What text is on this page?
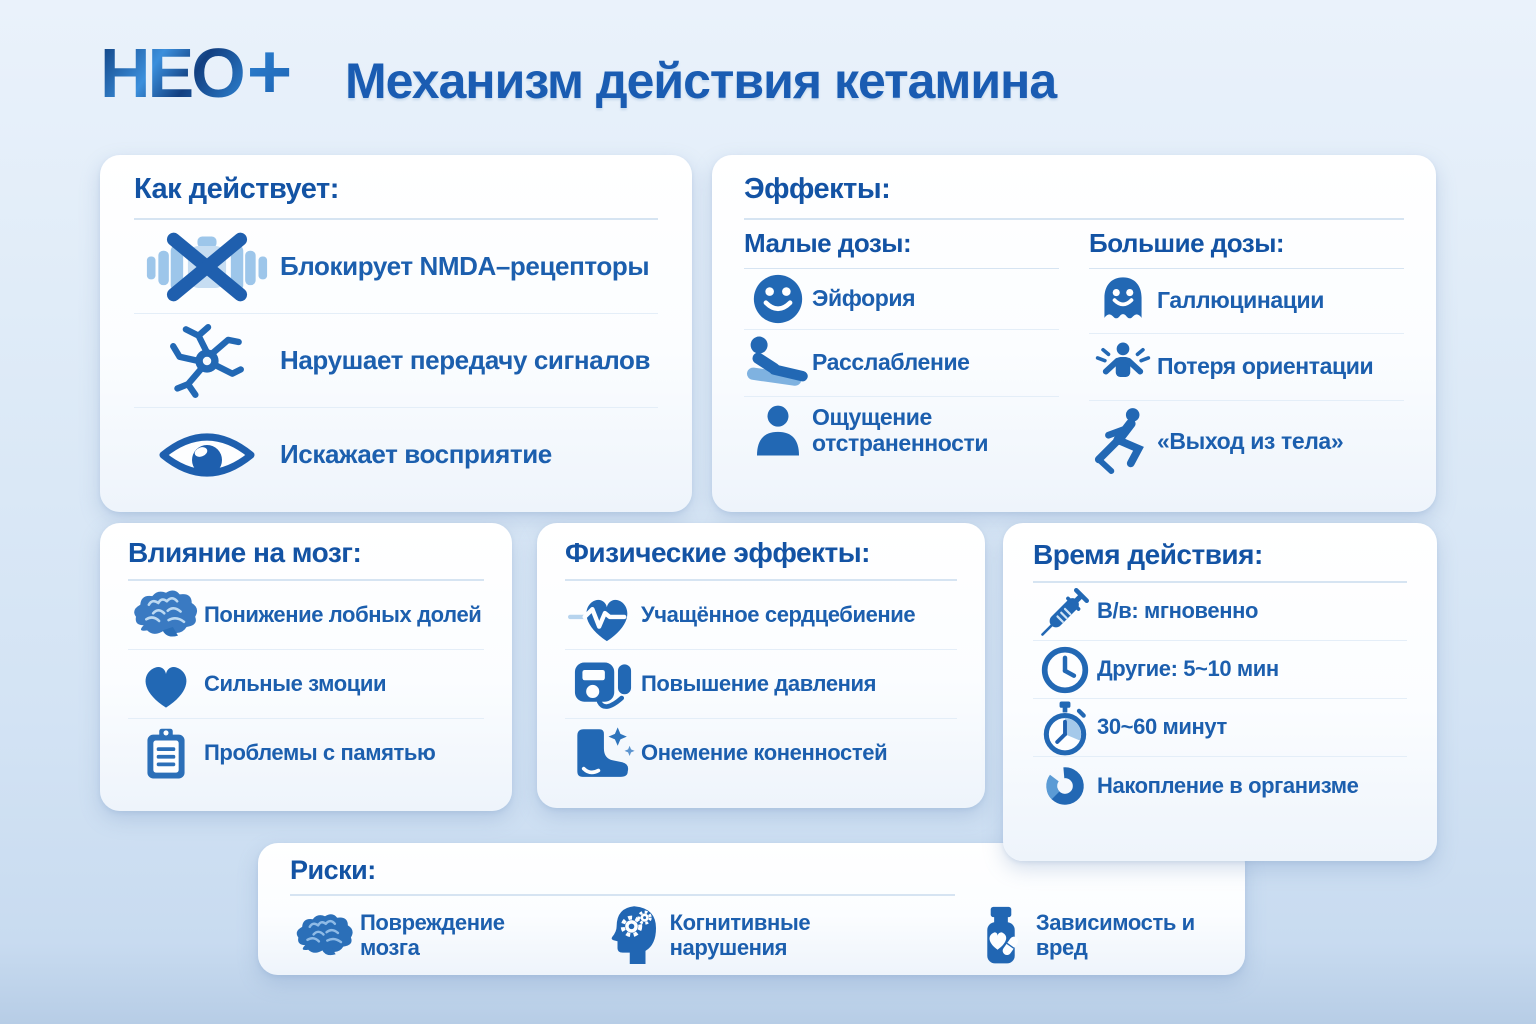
НЕО + Механизм действия кетамина
Как действует:
Блокирует NMDA–рецепторы
Нарушает передачу сигналов
Искажает восприятие
Эффекты:
Малые дозы:
Эйфория
Расслабление
Ощущение отстраненности
Большие дозы:
Галлюцинации
Потеря ориентации
«Выход из тела»
Влияние на мозг:
Понижение лобных долей
Сильные змоции
Проблемы с памятью
Физические эффекты:
Учащённое сердцебиение
Повышение давления
Онемение коненностей
Время действия:
В/в: мгновенно
Другие: 5~10 мин
30~60 минут
Накопление в организме
Риски:
Повреждение мозга
Когнитивные нарушения
Зависимость и вред
